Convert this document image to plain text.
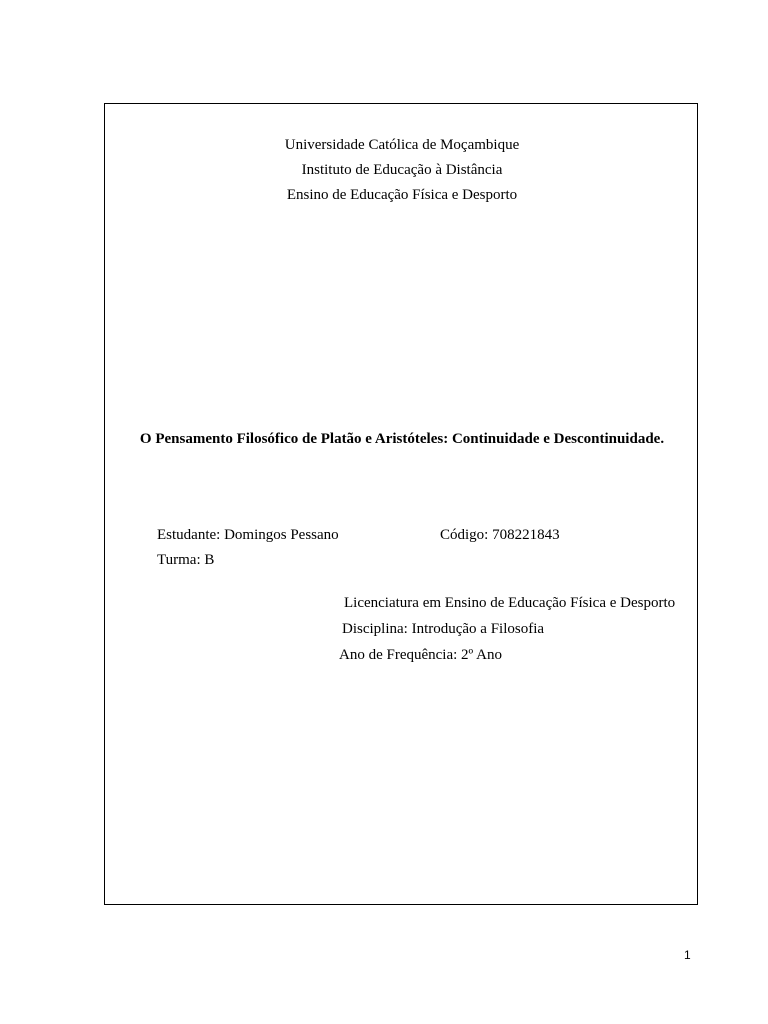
Universidade Católica de Moçambique
Instituto de Educação à Distância
Ensino de Educação Física e Desporto
O Pensamento Filosófico de Platão e Aristóteles: Continuidade e Descontinuidade.
Estudante: Domingos Pessano	Código: 708221843
Turma: B
Licenciatura em Ensino de Educação Física e Desporto
Disciplina: Introdução a Filosofia
Ano de Frequência: 2º Ano
1
